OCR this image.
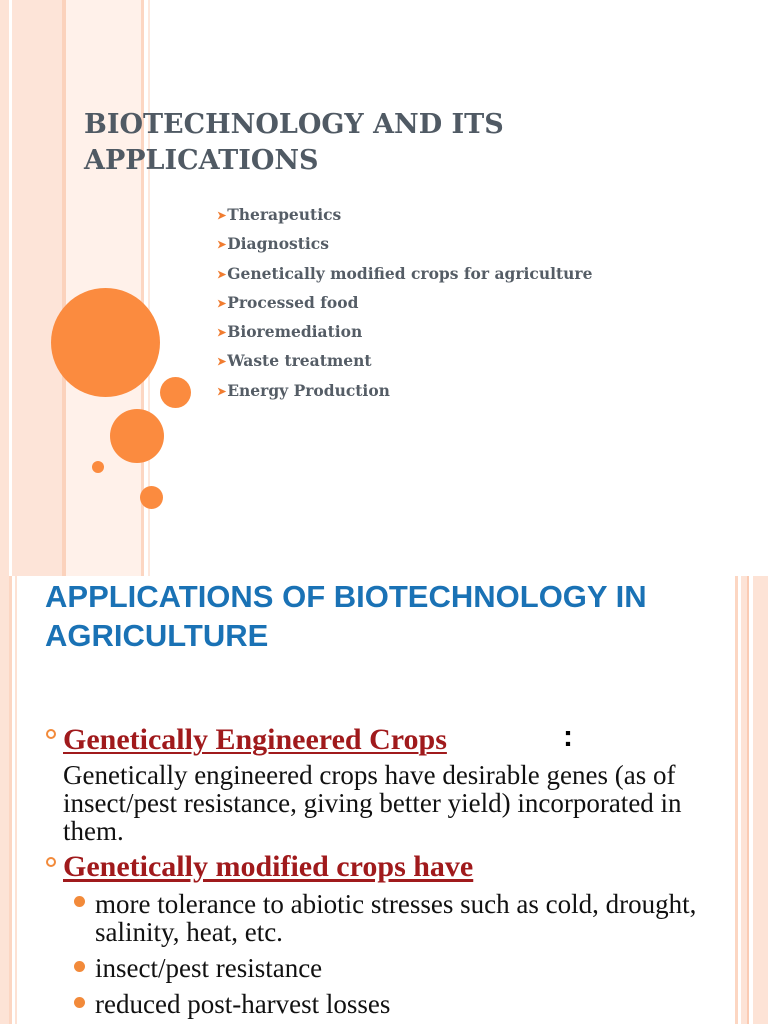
BIOTECHNOLOGY AND ITS APPLICATIONS
➤Therapeutics
➤Diagnostics
➤Genetically modified crops for agriculture
➤Processed food
➤Bioremediation
➤Waste treatment
➤Energy Production
APPLICATIONS OF BIOTECHNOLOGY IN AGRICULTURE
Genetically Engineered Crops	:
Genetically engineered crops have desirable genes (as of insect/pest resistance, giving better yield) incorporated in them.
Genetically modified crops have
more tolerance to abiotic stresses such as cold, drought, salinity, heat, etc.
insect/pest resistance
reduced post-harvest losses
